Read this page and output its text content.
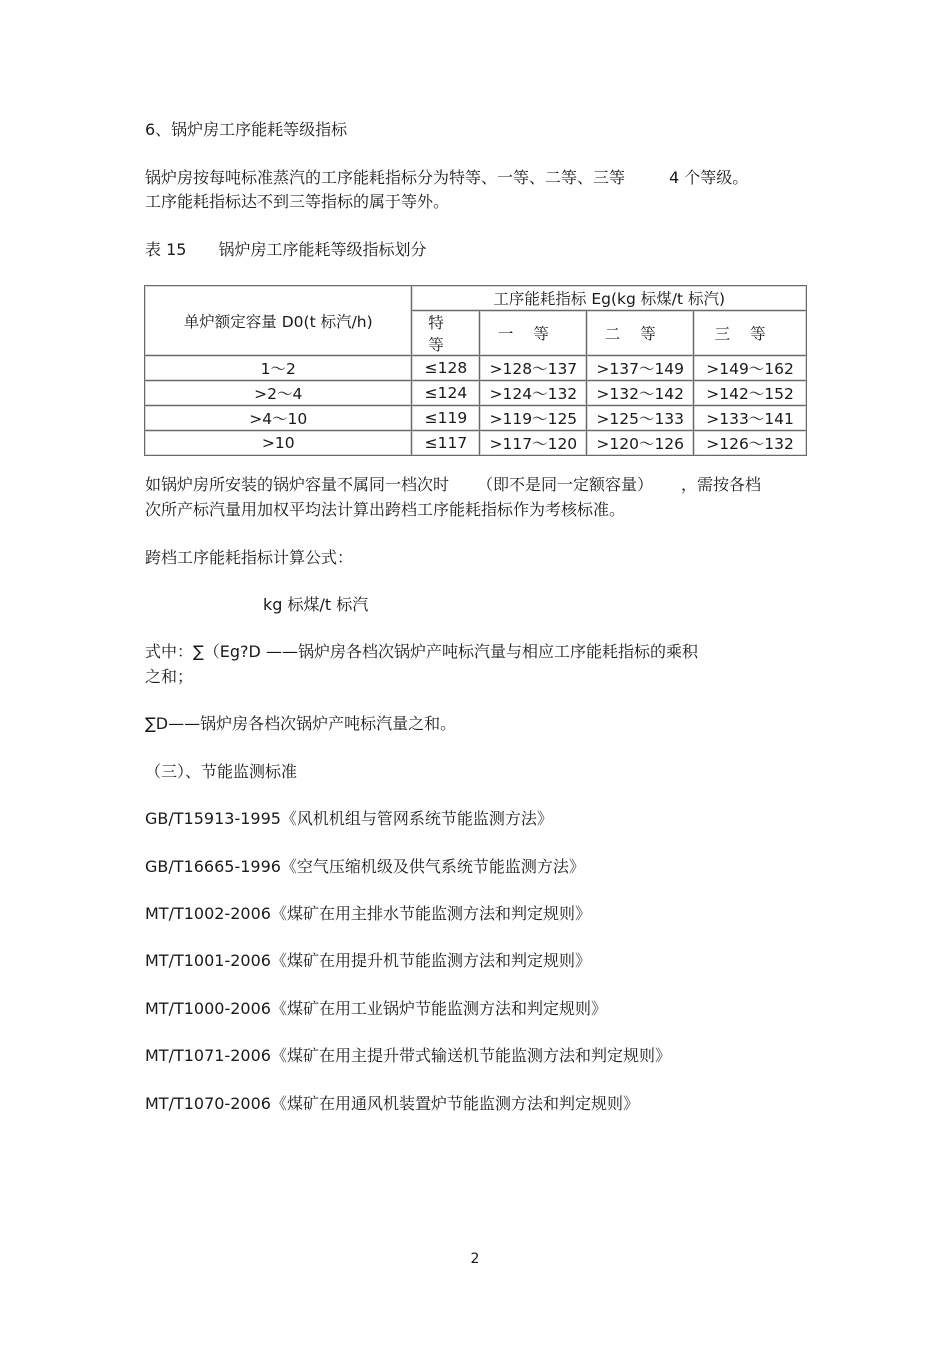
6、锅炉房工序能耗等级指标
锅炉房按每吨标准蒸汽的工序能耗指标分为特等、一等、二等、三等	4 个等级。
工序能耗指标达不到三等指标的属于等外。
表 15 锅炉房工序能耗等级指标划分
单炉额定容量 D0(t 标汽/h)	工序能耗指标 Eg(kg 标煤/t 标汽)			
	特等	一等	二等	三等
1～2	≤128	>128～137	>137～149	>149～162
>2～4	≤124	>124～132	>132～142	>142～152
>4～10	≤119	>119～125	>125～133	>133～141
>10	≤117	>117～120	>120～126	>126～132
如锅炉房所安装的锅炉容量不属同一档次时 （即不是同一定额容量） ，需按各档
次所产标汽量用加权平均法计算出跨档工序能耗指标作为考核标准。
跨档工序能耗指标计算公式：
kg 标煤/t 标汽
式中：∑（Eg?D ——锅炉房各档次锅炉产吨标汽量与相应工序能耗指标的乘积
之和；
∑D——锅炉房各档次锅炉产吨标汽量之和。
（三）、节能监测标准
GB/T15913-1995《风机机组与管网系统节能监测方法》
GB/T16665-1996《空气压缩机级及供气系统节能监测方法》
MT/T1002-2006《煤矿在用主排水节能监测方法和判定规则》
MT/T1001-2006《煤矿在用提升机节能监测方法和判定规则》
MT/T1000-2006《煤矿在用工业锅炉节能监测方法和判定规则》
MT/T1071-2006《煤矿在用主提升带式输送机节能监测方法和判定规则》
MT/T1070-2006《煤矿在用通风机装置炉节能监测方法和判定规则》
2
